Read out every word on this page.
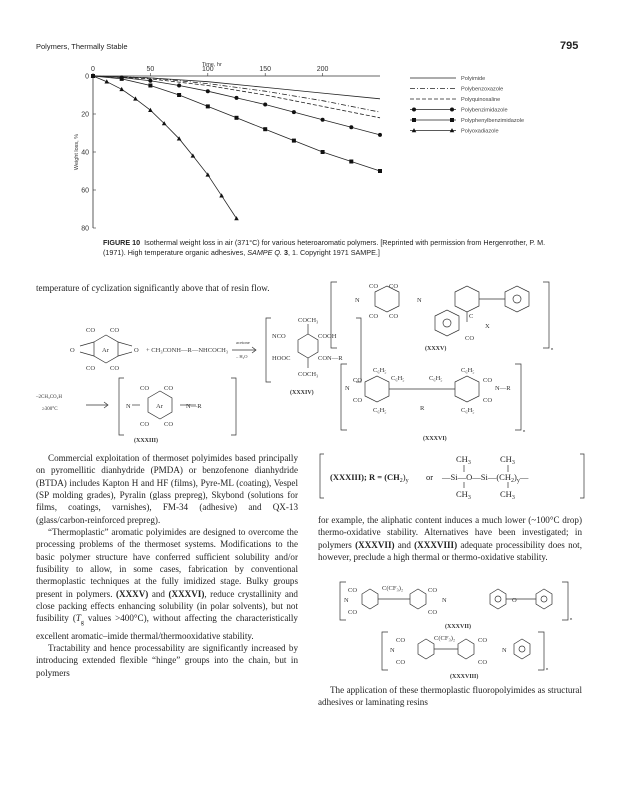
Polymers, Thermally Stable	795
0	50	100	150	200
Time, hr
0
20
40
60
80
Weight loss, %
Polyimide
Polybenzoxazole
Polyquinoxaline
Polybenzimidazole
Polyphenylbenzimidazole
Polyoxadiazole
FIGURE 10 Isothermal weight loss in air (371°C) for various heteroaromatic polymers. [Reprinted with permission from Hergenrother, P. M. (1971). High temperature organic adhesives, SAMPE Q. 3, 1. Copyright 1971 SAMPE.]

temperature of cyclization significantly above that of resin flow.

CO CO
O	O
CO CO
Ar	+ CH₃CONH—R—NHCOCH₃
acetone
– H₂O
COCH₃
NCO	COOH
HOOC	CON—R
COCH₃
(XXXIV)
–2CH₃CO₂H
≥300°C
CO CO
N	N—R
CO CO
Ar
(XXXIII)
N	N
CO CO
CO CO	C
X
CO
n
(XXXV)
C₆H₅	C₆H₅
C₆H₅	C₆H₅
N	N—R
CO
CO
CO
CO
C₆H₅	R	C₆H₅
n
(XXXVI)
$CH_3$	$CH_3$
(XXXIII); $R = (CH_2)_y$ or $—Si—O—Si—(CH_2)_y—$
$CH_3$	$CH_3$

Commercial exploitation of thermoset polyimides based principally on pyromellitic dianhydride (PMDA) or benzofenone dianhydride (BTDA) includes Kapton H and HF (films), Pyre-ML (coating), Vespel (SP molding grades), Pyralin (glass prepreg), Skybond (solutions for films, coatings, varnishes), FM-34 (adhesive) and QX-13 (glass/carbon-reinforced prepreg).

“Thermoplastic” aromatic polyimides are designed to overcome the processing problems of the thermoset systems. Modifications to the basic polymer structure have conferred sufficient solubility and/or fusibility to allow, in some cases, fabrication by conventional thermoplastic techniques at the fully imidized stage. Bulky groups present in polymers. (XXXV) and (XXXVI), reduce crystallinity and close packing effects enhancing solubility (in polar solvents), but not fusibility ($T_g$ values >400°C), without affecting the characteristically excellent aromatic–imide thermal/thermooxidative stability.

Tractability and hence processability are significantly increased by introducing extended flexible “hinge” groups into the chain, but in polymers

for example, the aliphatic content induces a much lower (~100°C drop) thermo-oxidative stability. Alternatives have been investigated; in polymers (XXXVII) and (XXXVIII) adequate processibility does not, however, preclude a high thermal or thermo-oxidative stability.

CO
N
CO
C(CF₃)₂	CO
N
CO
O
n
(XXXVII)
CO
N
CO
C(CF₃)₂	CO
N
CO
n
(XXXVIII)

The application of these thermoplastic fluoropolyimides as structural adhesives or laminating resins
